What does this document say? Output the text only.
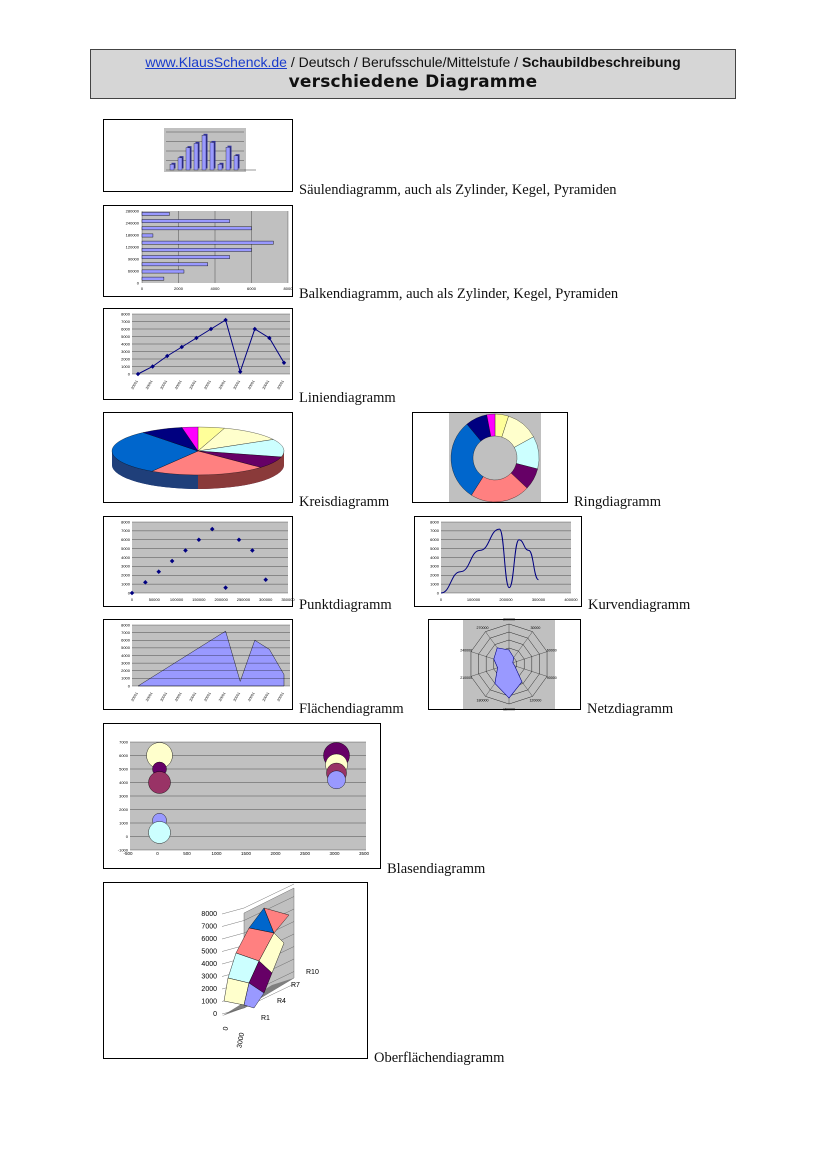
www.KlausSchenck.de / Deutsch / Berufsschule/Mittelstufe / Schaubildbeschreibung
verschiedene Diagramme
Säulendiagramm, auch als Zylinder, Kegel, Pyramiden
0	2000	4000	6000	8000
0
60000
90000
120000
180000
240000
280000
Balkendiagramm, auch als Zylinder, Kegel, Pyramiden
0
1000
2000
3000
4000
5000
6000
7000
8000
20001 20001 20001 20001 20001 20001 20001 20001 20001 20001 20001
Liniendiagramm
Kreisdiagramm	Ringdiagramm
0
1000
2000
3000
4000
5000
6000
7000
8000
0	50000	100000 150000 200000 250000 300000 350000 Punktdiagramm
0
1000
2000
3000
4000
5000
6000
7000
8000
0	100000	200000	300000	400000 Kurvendiagramm
0
1000
2000
3000
4000
5000
6000
7000
8000
20001 20001 20001 20001 20001 20001 20001 20001 20001 20001 20001
Flächendiagramm
300000
30000
60000
90000
120000
150000
180000
210000
240000
270000
Netzdiagramm
-1000
0
1000
2000
3000
4000
5000
6000
7000
-500	0	500	1000	1500	2000	2500	3000	3500
Blasendiagramm
0
1000
2000
3000
4000
5000
6000
7000
8000
R1
R4
R7
R10
0
3000
Oberflächendiagramm
